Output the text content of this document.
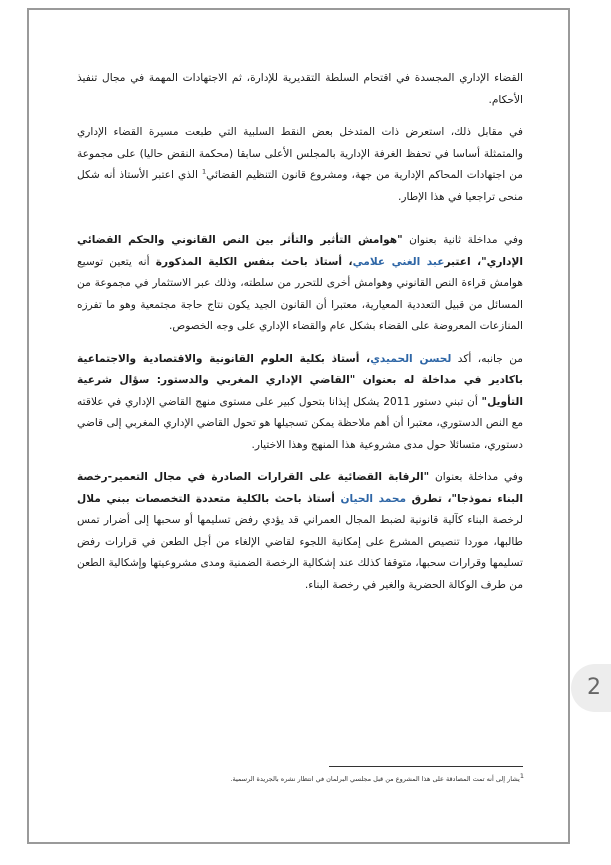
القضاء الإداري المجسدة في اقتحام السلطة التقديرية للإدارة، ثم الاجتهادات المهمة في مجال تنفيذ الأحكام.

في مقابل ذلك، استعرض ذات المتدخل بعض النقط السلبية التي طبعت مسيرة القضاء الإداري والمتمثلة أساسا في تحفظ الغرفة الإدارية بالمجلس الأعلى سابقا (محكمة النقض حاليا) على مجموعة من اجتهادات المحاكم الإدارية من جهة، ومشروع قانون التنظيم القضائي$^1$ الذي اعتبر الأستاذ أنه شكل منحى تراجعيا في هذا الإطار.

وفي مداخلة ثانية بعنوان "هوامش التأثير والتأثر بين النص القانوني والحكم القضائي الإداري"، اعتبرعبد الغني علامي، أستاذ باحث بنفس الكلية المذكورة أنه يتعين توسيع هوامش قراءة النص القانوني وهوامش أخرى للتحرر من سلطته، وذلك عبر الاستثمار في مجموعة من المسائل من قبيل التعددية المعيارية، معتبرا أن القانون الجيد يكون نتاج حاجة مجتمعية وهو ما تفرزه المنازعات المعروضة على القضاء بشكل عام والقضاء الإداري على وجه الخصوص.

من جانبه، أكد لحسن الحميدي، أستاذ بكلية العلوم القانونية والاقتصادية والاجتماعية باكادير في مداخلة له بعنوان "القاضي الإداري المغربي والدستور: سؤال شرعية التأويل" أن تبني دستور 2011 يشكل إيذانا بتحول كبير على مستوى منهج القاضي الإداري في علاقته مع النص الدستوري، معتبرا أن أهم ملاحظة يمكن تسجيلها هو تحول القاضي الإداري المغربي إلى قاضي دستوري، متسائلا حول مدى مشروعية هذا المنهج وهذا الاختيار.

وفي مداخلة بعنوان "الرقابة القضائية على القرارات الصادرة في مجال التعمير-رخصة البناء نموذجا"، تطرق محمد الحيان أستاذ باحث بالكلية متعددة التخصصات ببني ملال لرخصة البناء كآلية قانونية لضبط المجال العمراني قد يؤدي رفض تسليمها أو سحبها إلى أضرار تمس طالبها، موردا تنصيص المشرع على إمكانية اللجوء لقاضي الإلغاء من أجل الطعن في قرارات رفض تسليمها وقرارات سحبها، متوقفا كذلك عند إشكالية الرخصة الضمنية ومدى مشروعيتها وإشكالية الطعن من طرف الوكالة الحضرية والغير في رخصة البناء.

2
$^1$يشار إلى أنه تمت المصادقة على هذا المشروع من قبل مجلسي البرلمان في انتظار نشره بالجريدة الرسمية.
